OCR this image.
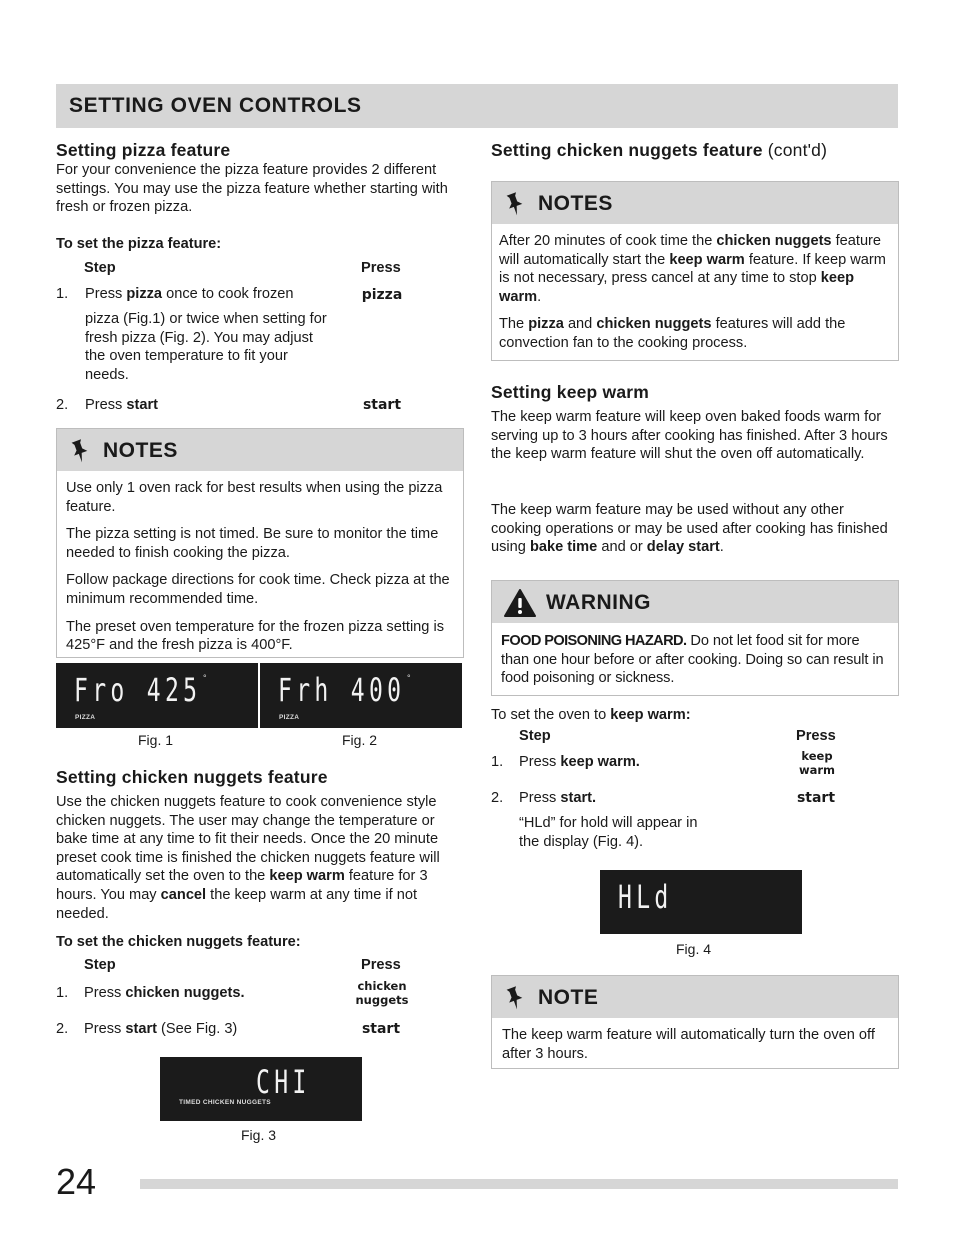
SETTING OVEN CONTROLS
Setting pizza feature

For your convenience the pizza feature provides 2 different settings. You may use the pizza feature whether starting with fresh or frozen pizza.

To set the pizza feature:

Step	Press
1. Press pizza once to cook frozen	pizza

pizza (Fig.1) or twice when setting for fresh pizza (Fig. 2). You may adjust the oven temperature to fit your needs.

2. Press start	start
NOTES

Use only 1 oven rack for best results when using the pizza feature.

The pizza setting is not timed. Be sure to monitor the time needed to finish cooking the pizza.

Follow package directions for cook time. Check pizza at the minimum recommended time.

The preset oven temperature for the frozen pizza setting is 425°F and the fresh pizza is 400°F.

Fro 425 °
PIZZA
Frh 400 °
PIZZA
Fig. 1	Fig. 2
Setting chicken nuggets feature

Use the chicken nuggets feature to cook convenience style chicken nuggets. The user may change the temperature or bake time at any time to fit their needs. Once the 20 minute preset cook time is finished the chicken nuggets feature will automatically set the oven to the keep warm feature for 3 hours. You may cancel the keep warm at any time if not needed.

To set the chicken nuggets feature:

Step	Press
1. Press chicken nuggets.	chicken
nuggets
2. Press start (See Fig. 3)	start
CHI
TIMED CHICKEN NUGGETS
Fig. 3
Setting chicken nuggets feature (cont'd)
NOTES

After 20 minutes of cook time the chicken nuggets feature will automatically start the keep warm feature. If keep warm is not necessary, press cancel at any time to stop keep warm.

The pizza and chicken nuggets features will add the convection fan to the cooking process.

Setting keep warm

The keep warm feature will keep oven baked foods warm for serving up to 3 hours after cooking has finished. After 3 hours the keep warm feature will shut the oven off automatically.

The keep warm feature may be used without any other cooking operations or may be used after cooking has finished using bake time and or delay start.

WARNING

FOOD POISONING HAZARD. Do not let food sit for more than one hour before or after cooking. Doing so can result in food poisoning or sickness.

To set the oven to keep warm:

Step	Press
1. Press keep warm.	keep
warm
2. Press start.	start

“HLd” for hold will appear in the display (Fig. 4).

HLd
Fig. 4
NOTE

The keep warm feature will automatically turn the oven off after 3 hours.

24
